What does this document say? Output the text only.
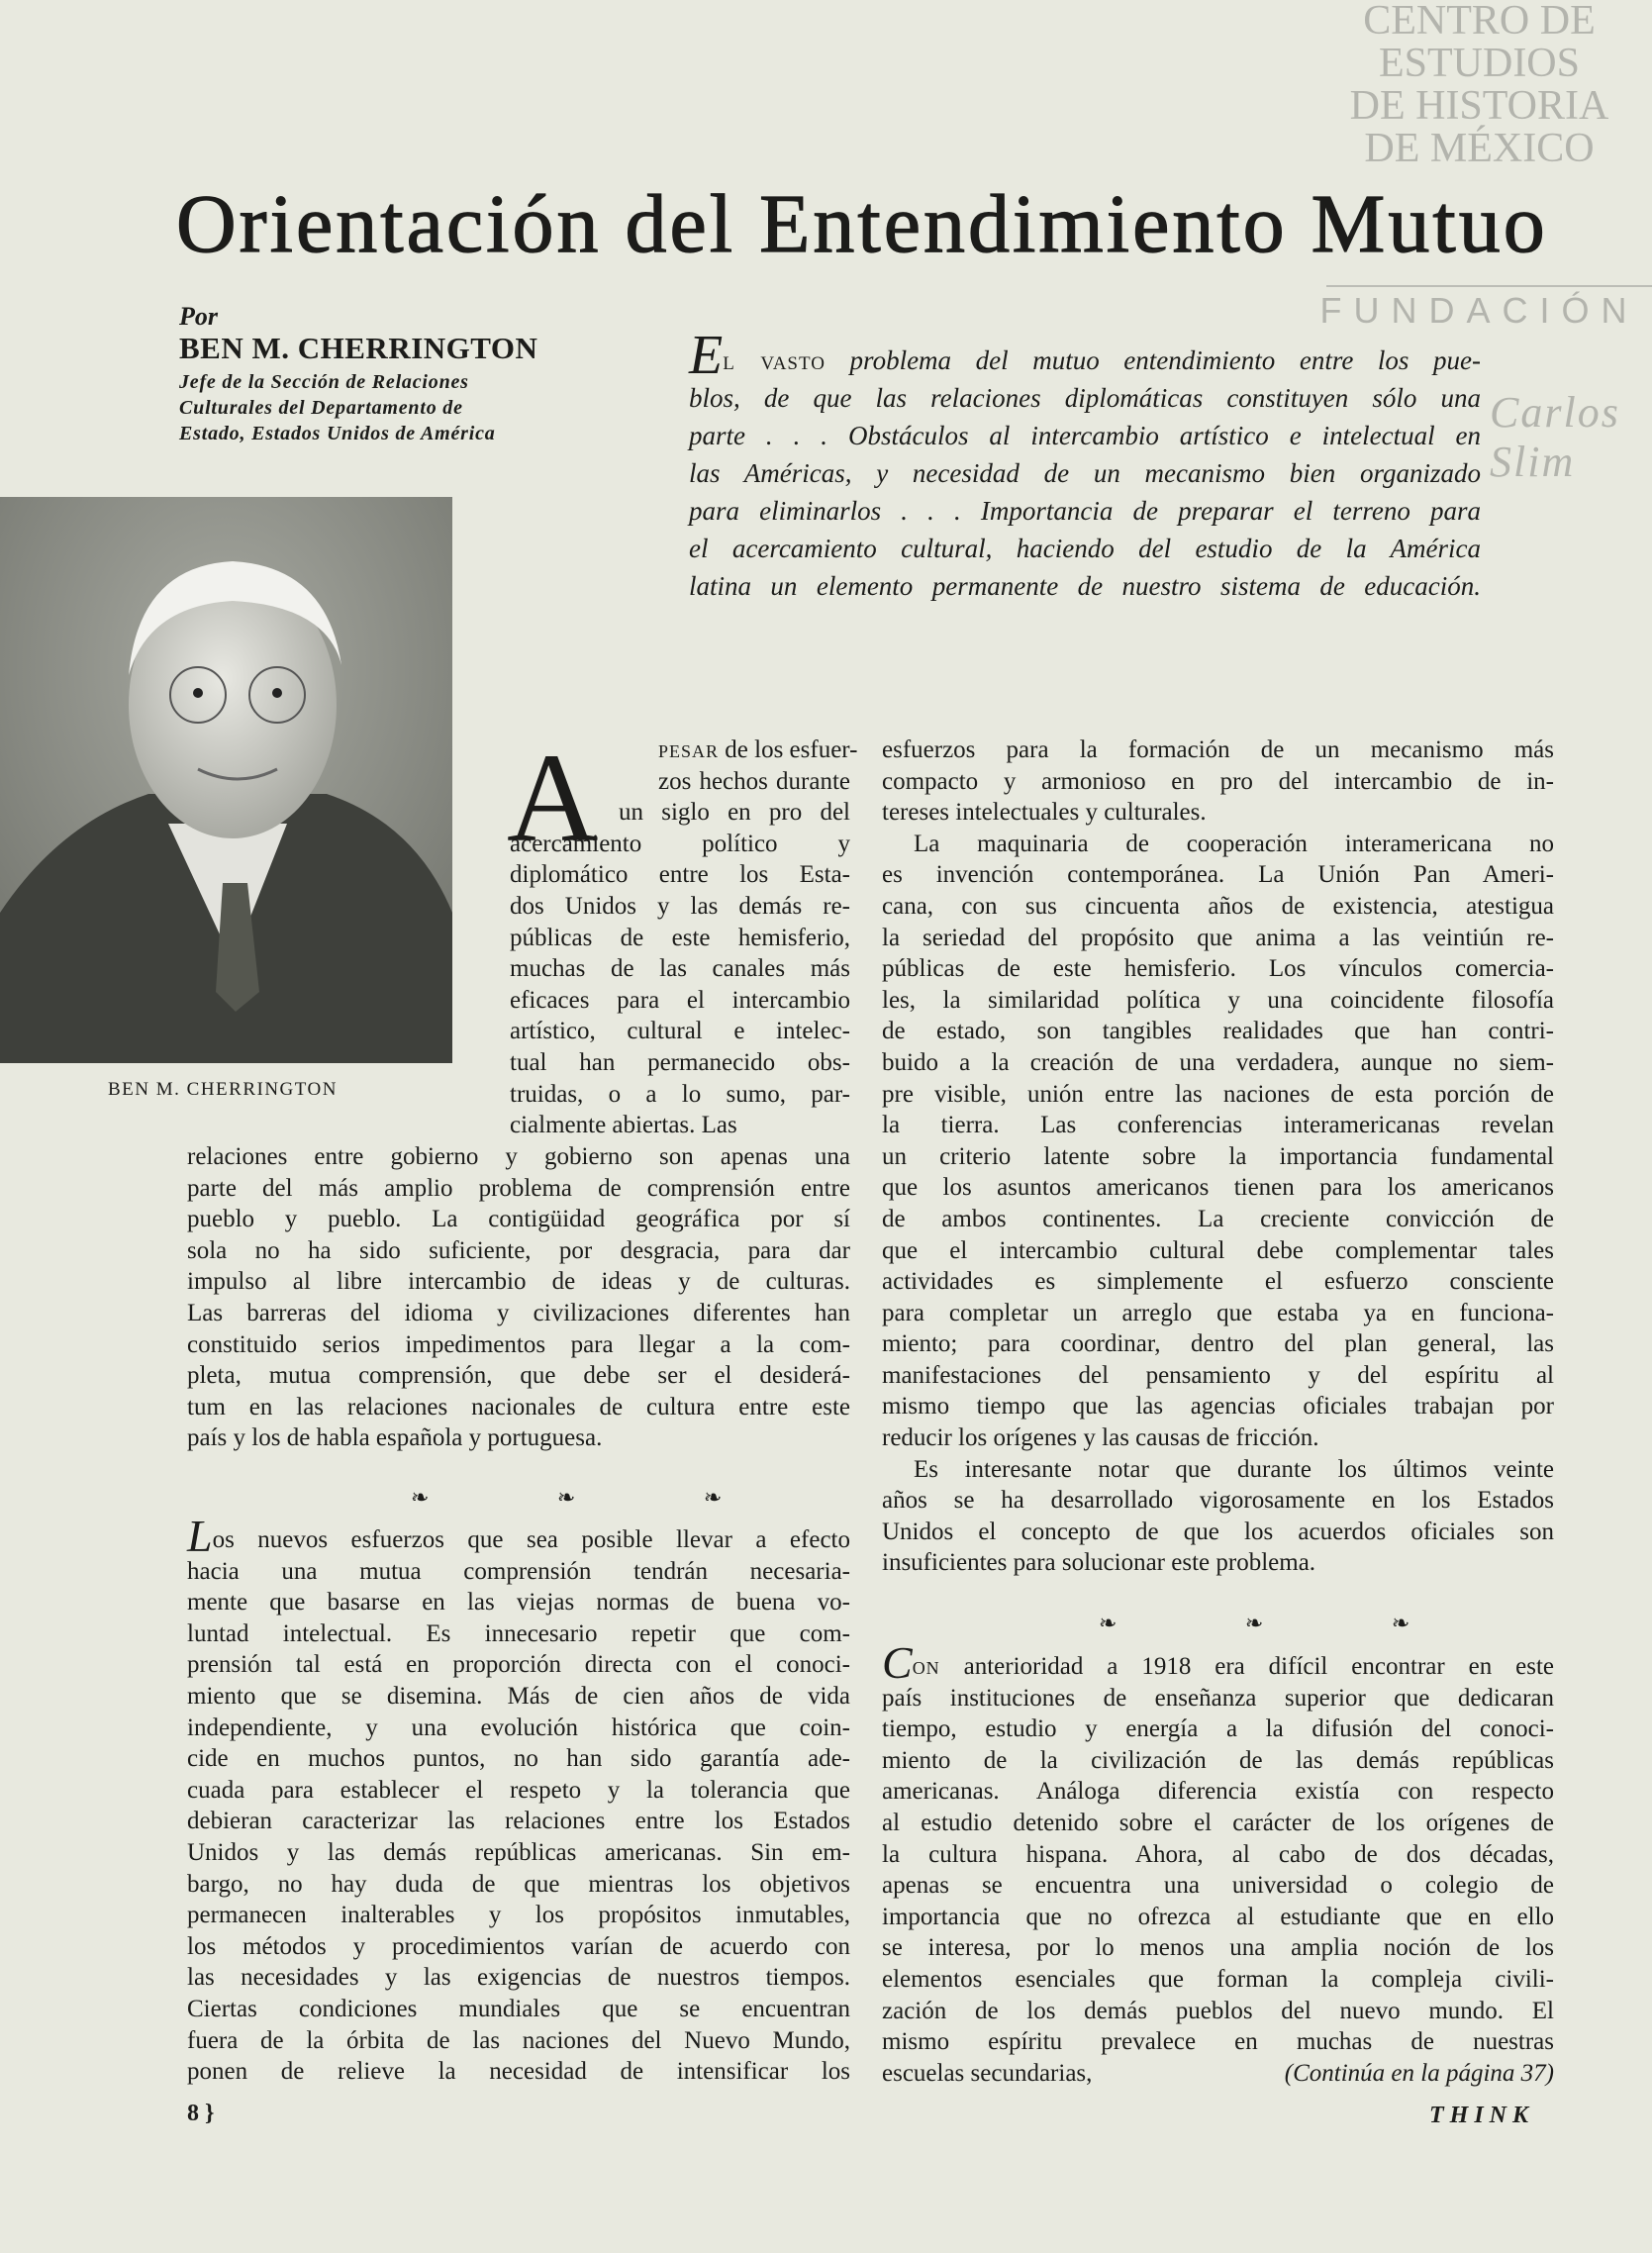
CENTRO DE
ESTUDIOS
DE HISTORIA
DE MÉXICO
FUNDACIÓN
Carlos Slim
Orientación del Entendimiento Mutuo
Por
BEN M. CHERRINGTON
Jefe de la Sección de Relaciones
Culturales del Departamento de
Estado, Estados Unidos de América
El vasto problema del mutuo entendimiento entre los pue-
blos, de que las relaciones diplomáticas constituyen sólo una
parte . . . Obstáculos al intercambio artístico e intelectual en
las Américas, y necesidad de un mecanismo bien organizado
para eliminarlos . . . Importancia de preparar el terreno para
el acercamiento cultural, haciendo del estudio de la América
latina un elemento permanente de nuestro sistema de educación.
BEN M. CHERRINGTON
A	pesar de los esfuer-
zos hechos durante
un siglo en pro del
acercamiento político y
diplomático entre los Esta-
dos Unidos y las demás re-
públicas de este hemisferio,
muchas de las canales más
eficaces para el intercambio
artístico, cultural e intelec-
tual han permanecido obs-
truidas, o a lo sumo, par-
cialmente abiertas. Las
relaciones entre gobierno y gobierno son apenas una
parte del más amplio problema de comprensión entre
pueblo y pueblo. La contigüidad geográfica por sí
sola no ha sido suficiente, por desgracia, para dar
impulso al libre intercambio de ideas y de culturas.
Las barreras del idioma y civilizaciones diferentes han
constituido serios impedimentos para llegar a la com-
pleta, mutua comprensión, que debe ser el desiderá-
tum en las relaciones nacionales de cultura entre este
país y los de habla española y portuguesa.
❧ ❧ ❧
Los nuevos esfuerzos que sea posible llevar a efecto
hacia una mutua comprensión tendrán necesaria-
mente que basarse en las viejas normas de buena vo-
luntad intelectual. Es innecesario repetir que com-
prensión tal está en proporción directa con el conoci-
miento que se disemina. Más de cien años de vida
independiente, y una evolución histórica que coin-
cide en muchos puntos, no han sido garantía ade-
cuada para establecer el respeto y la tolerancia que
debieran caracterizar las relaciones entre los Estados
Unidos y las demás repúblicas americanas. Sin em-
bargo, no hay duda de que mientras los objetivos
permanecen inalterables y los propósitos inmutables,
los métodos y procedimientos varían de acuerdo con
las necesidades y las exigencias de nuestros tiempos.
Ciertas condiciones mundiales que se encuentran
fuera de la órbita de las naciones del Nuevo Mundo,
ponen de relieve la necesidad de intensificar los
esfuerzos para la formación de un mecanismo más
compacto y armonioso en pro del intercambio de in-
tereses intelectuales y culturales.
La maquinaria de cooperación interamericana no
es invención contemporánea. La Unión Pan Ameri-
cana, con sus cincuenta años de existencia, atestigua
la seriedad del propósito que anima a las veintiún re-
públicas de este hemisferio. Los vínculos comercia-
les, la similaridad política y una coincidente filosofía
de estado, son tangibles realidades que han contri-
buido a la creación de una verdadera, aunque no siem-
pre visible, unión entre las naciones de esta porción de
la tierra. Las conferencias interamericanas revelan
un criterio latente sobre la importancia fundamental
que los asuntos americanos tienen para los americanos
de ambos continentes. La creciente convicción de
que el intercambio cultural debe complementar tales
actividades es simplemente el esfuerzo consciente
para completar un arreglo que estaba ya en funciona-
miento; para coordinar, dentro del plan general, las
manifestaciones del pensamiento y del espíritu al
mismo tiempo que las agencias oficiales trabajan por
reducir los orígenes y las causas de fricción.
Es interesante notar que durante los últimos veinte
años se ha desarrollado vigorosamente en los Estados
Unidos el concepto de que los acuerdos oficiales son
insuficientes para solucionar este problema.
❧ ❧ ❧
Con anterioridad a 1918 era difícil encontrar en este
país instituciones de enseñanza superior que dedicaran
tiempo, estudio y energía a la difusión del conoci-
miento de la civilización de las demás repúblicas
americanas. Análoga diferencia existía con respecto
al estudio detenido sobre el carácter de los orígenes de
la cultura hispana. Ahora, al cabo de dos décadas,
apenas se encuentra una universidad o colegio de
importancia que no ofrezca al estudiante que en ello
se interesa, por lo menos una amplia noción de los
elementos esenciales que forman la compleja civili-
zación de los demás pueblos del nuevo mundo. El
mismo espíritu prevalece en muchas de nuestras
escuelas secundarias,	(Continúa en la página 37)
8 }	THINK
